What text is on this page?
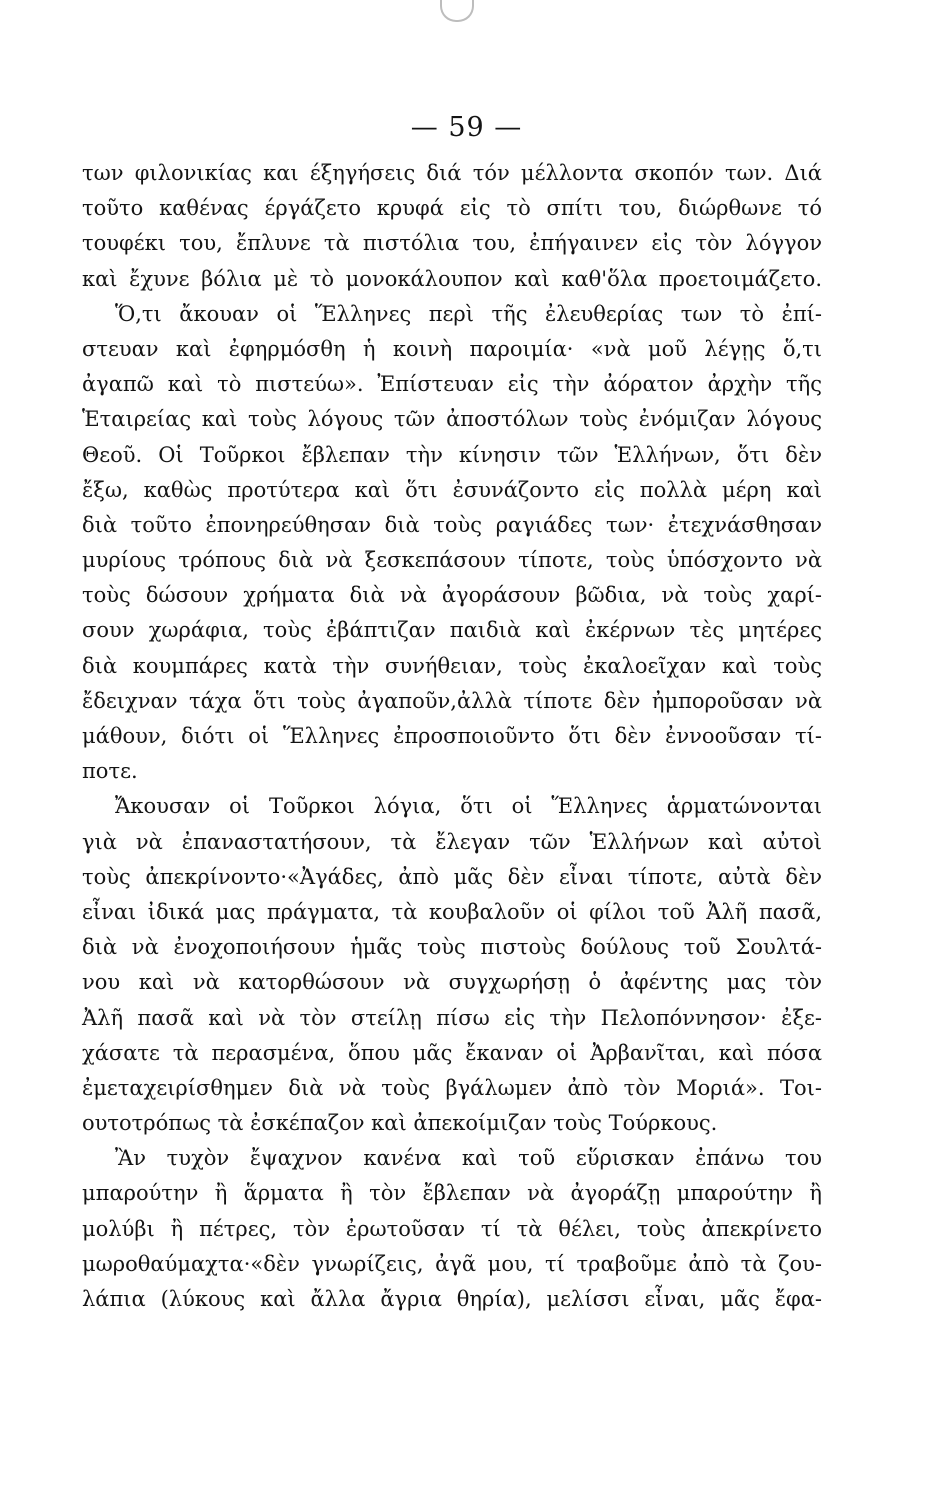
— 59 —
των φιλονικίας και έξηγήσεις διά τόν μέλλοντα σκοπόν των. Διά
τοῦτο καθένας έργάζετο κρυφά εἰς τὸ σπίτι του, διώρθωνε τό
τουφέκι του, ἔπλυνε τὰ πιστόλια του, ἐπήγαινεν εἰς τὸν λόγγον
καὶ ἔχυνε βόλια μὲ τὸ μονοκάλουπον καὶ καθ'ὅλα προετοιμάζετο.
Ὅ,τι ἄκουαν οἱ Ἕλληνες περὶ τῆς ἐλευθερίας των τὸ ἐπί-
στευαν καὶ ἐφηρμόσθη ἡ κοινὴ παροιμία· «νὰ μοῦ λέγῃς ὅ,τι
ἀγαπῶ καὶ τὸ πιστεύω». Ἐπίστευαν εἰς τὴν ἀόρατον ἀρχὴν τῆς
Ἑταιρείας καὶ τοὺς λόγους τῶν ἀποστόλων τοὺς ἐνόμιζαν λόγους
Θεοῦ. Οἱ Τοῦρκοι ἔβλεπαν τὴν κίνησιν τῶν Ἑλλήνων, ὅτι δὲν
ἔξω, καθὼς προτύτερα καὶ ὅτι ἐσυνάζοντο εἰς πολλὰ μέρη καὶ
διὰ τοῦτο ἐπονηρεύθησαν διὰ τοὺς ραγιάδες των· ἐτεχνάσθησαν
μυρίους τρόπους διὰ νὰ ξεσκεπάσουν τίποτε, τοὺς ὑπόσχοντο νὰ
τοὺς δώσουν χρήματα διὰ νὰ ἀγοράσουν βῶδια, νὰ τοὺς χαρί-
σουν χωράφια, τοὺς ἐβάπτιζαν παιδιὰ καὶ ἐκέρνων τὲς μητέρες
διὰ κουμπάρες κατὰ τὴν συνήθειαν, τοὺς ἐκαλοεῖχαν καὶ τοὺς
ἔδειχναν τάχα ὅτι τοὺς ἀγαποῦν,ἀλλὰ τίποτε δὲν ἠμποροῦσαν νὰ
μάθουν, διότι οἱ Ἕλληνες ἐπροσποιοῦντο ὅτι δὲν ἐννοοῦσαν τί-
ποτε.
Ἄκουσαν οἱ Τοῦρκοι λόγια, ὅτι οἱ Ἕλληνες ἁρματώνονται
γιὰ νὰ ἐπαναστατήσουν, τὰ ἔλεγαν τῶν Ἑλλήνων καὶ αὐτοὶ
τοὺς ἀπεκρίνοντο·«Ἀγάδες, ἀπὸ μᾶς δὲν εἶναι τίποτε, αὐτὰ δὲν
εἶναι ἰδικά μας πράγματα, τὰ κουβαλοῦν οἱ φίλοι τοῦ Ἀλῆ πασᾶ,
διὰ νὰ ἐνοχοποιήσουν ἡμᾶς τοὺς πιστοὺς δούλους τοῦ Σουλτά-
νου καὶ νὰ κατορθώσουν νὰ συγχωρήσῃ ὁ ἀφέντης μας τὸν
Ἀλῆ πασᾶ καὶ νὰ τὸν στείλῃ πίσω εἰς τὴν Πελοπόννησον· ἐξε-
χάσατε τὰ περασμένα, ὅπου μᾶς ἔκαναν οἱ Ἀρβανῖται, καὶ πόσα
ἐμεταχειρίσθημεν διὰ νὰ τοὺς βγάλωμεν ἀπὸ τὸν Μοριά». Τοι-
ουτοτρόπως τὰ ἐσκέπαζον καὶ ἀπεκοίμιζαν τοὺς Τούρκους.
Ἂν τυχὸν ἔψαχνον κανένα καὶ τοῦ εὕρισκαν ἐπάνω του
μπαρούτην ἢ ἅρματα ἢ τὸν ἔβλεπαν νὰ ἀγοράζῃ μπαρούτην ἢ
μολύβι ἢ πέτρες, τὸν ἐρωτοῦσαν τί τὰ θέλει, τοὺς ἀπεκρίνετο
μωροθαύμαχτα·«δὲν γνωρίζεις, ἀγᾶ μου, τί τραβοῦμε ἀπὸ τὰ ζου-
λάπια (λύκους καὶ ἄλλα ἄγρια θηρία), μελίσσι εἶναι, μᾶς ἔφα-
